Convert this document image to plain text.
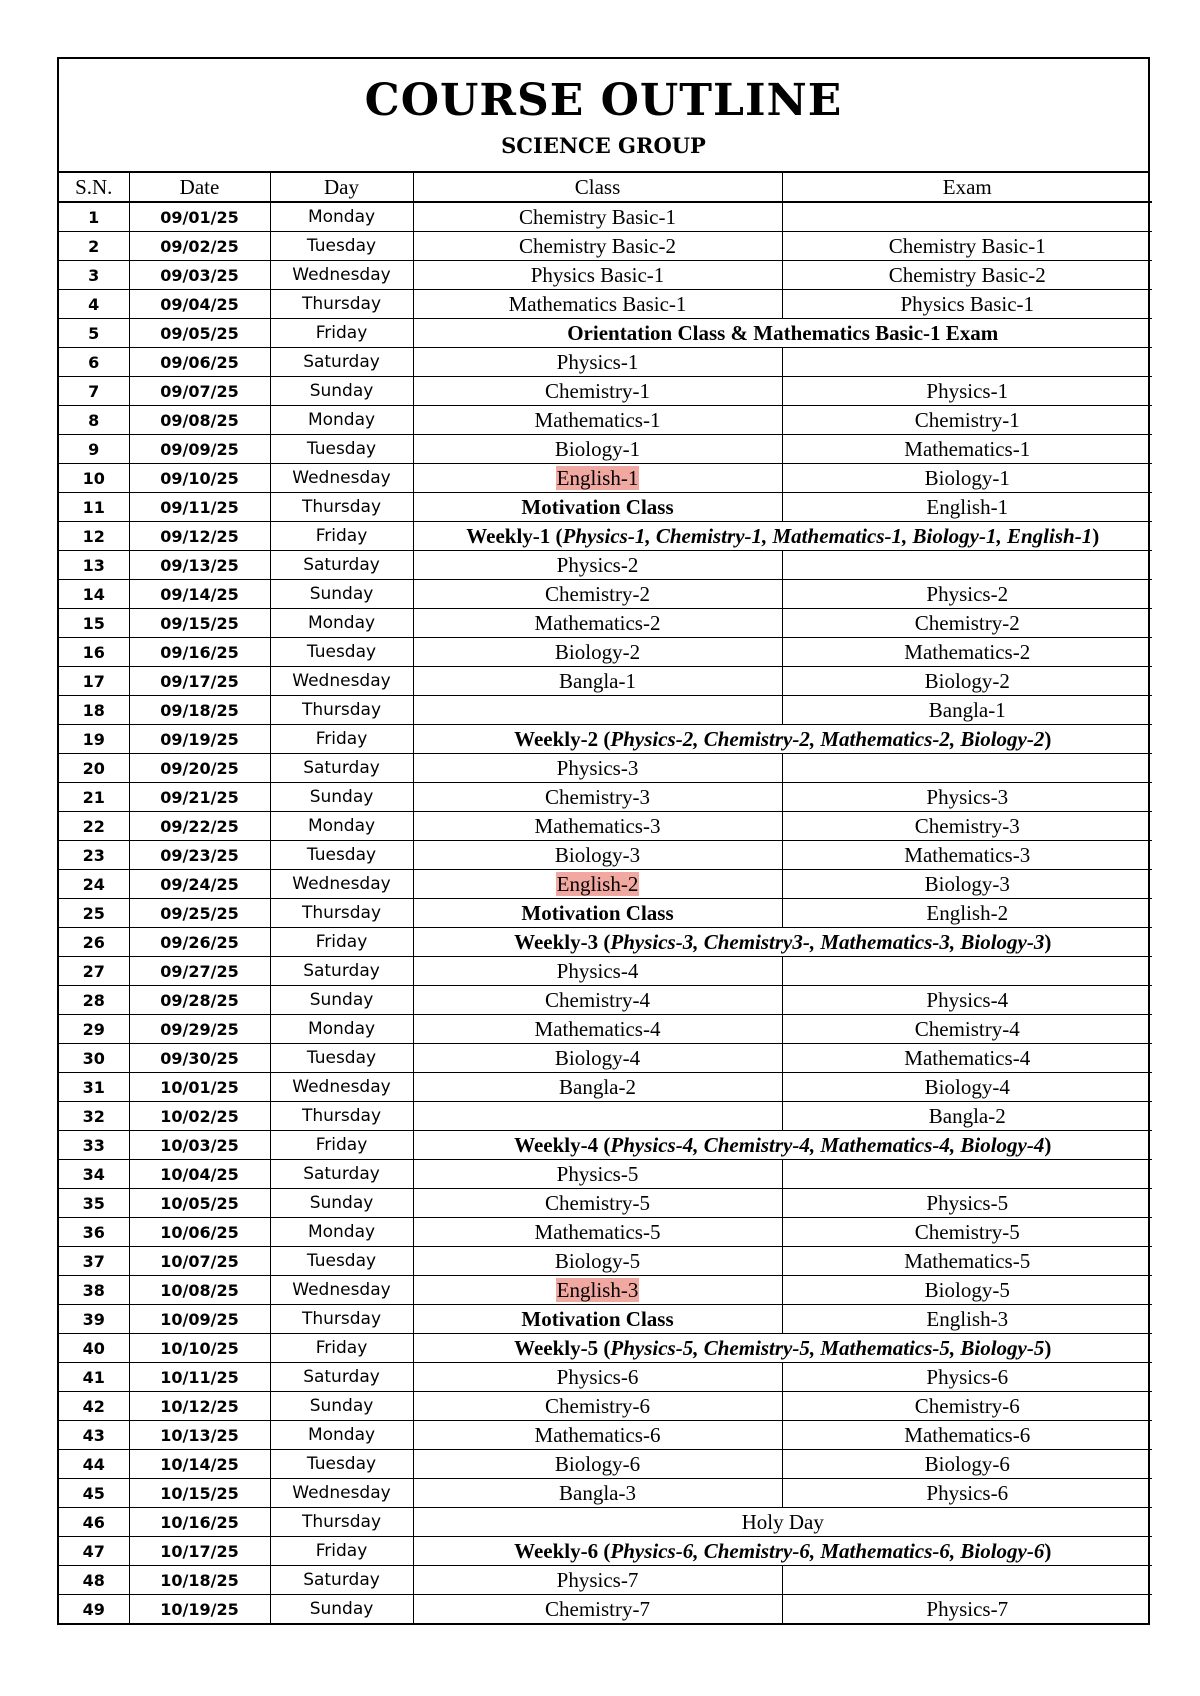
COURSE OUTLINE
SCIENCE GROUP
S.N.	Date	Day	Class	Exam
1	09/01/25	Monday	Chemistry Basic-1	
2	09/02/25	Tuesday	Chemistry Basic-2	Chemistry Basic-1
3	09/03/25	Wednesday	Physics Basic-1	Chemistry Basic-2
4	09/04/25	Thursday	Mathematics Basic-1	Physics Basic-1
5	09/05/25	Friday	Orientation Class & Mathematics Basic-1 Exam	
6	09/06/25	Saturday	Physics-1	
7	09/07/25	Sunday	Chemistry-1	Physics-1
8	09/08/25	Monday	Mathematics-1	Chemistry-1
9	09/09/25	Tuesday	Biology-1	Mathematics-1
10	09/10/25	Wednesday	English-1	Biology-1
11	09/11/25	Thursday	Motivation Class	English-1
12	09/12/25	Friday	Weekly-1 (Physics-1, Chemistry-1, Mathematics-1, Biology-1, English-1)	
13	09/13/25	Saturday	Physics-2	
14	09/14/25	Sunday	Chemistry-2	Physics-2
15	09/15/25	Monday	Mathematics-2	Chemistry-2
16	09/16/25	Tuesday	Biology-2	Mathematics-2
17	09/17/25	Wednesday	Bangla-1	Biology-2
18	09/18/25	Thursday		Bangla-1
19	09/19/25	Friday	Weekly-2 (Physics-2, Chemistry-2, Mathematics-2, Biology-2)	
20	09/20/25	Saturday	Physics-3	
21	09/21/25	Sunday	Chemistry-3	Physics-3
22	09/22/25	Monday	Mathematics-3	Chemistry-3
23	09/23/25	Tuesday	Biology-3	Mathematics-3
24	09/24/25	Wednesday	English-2	Biology-3
25	09/25/25	Thursday	Motivation Class	English-2
26	09/26/25	Friday	Weekly-3 (Physics-3, Chemistry3-, Mathematics-3, Biology-3)	
27	09/27/25	Saturday	Physics-4	
28	09/28/25	Sunday	Chemistry-4	Physics-4
29	09/29/25	Monday	Mathematics-4	Chemistry-4
30	09/30/25	Tuesday	Biology-4	Mathematics-4
31	10/01/25	Wednesday	Bangla-2	Biology-4
32	10/02/25	Thursday		Bangla-2
33	10/03/25	Friday	Weekly-4 (Physics-4, Chemistry-4, Mathematics-4, Biology-4)	
34	10/04/25	Saturday	Physics-5	
35	10/05/25	Sunday	Chemistry-5	Physics-5
36	10/06/25	Monday	Mathematics-5	Chemistry-5
37	10/07/25	Tuesday	Biology-5	Mathematics-5
38	10/08/25	Wednesday	English-3	Biology-5
39	10/09/25	Thursday	Motivation Class	English-3
40	10/10/25	Friday	Weekly-5 (Physics-5, Chemistry-5, Mathematics-5, Biology-5)	
41	10/11/25	Saturday	Physics-6	Physics-6
42	10/12/25	Sunday	Chemistry-6	Chemistry-6
43	10/13/25	Monday	Mathematics-6	Mathematics-6
44	10/14/25	Tuesday	Biology-6	Biology-6
45	10/15/25	Wednesday	Bangla-3	Physics-6
46	10/16/25	Thursday	Holy Day	
47	10/17/25	Friday	Weekly-6 (Physics-6, Chemistry-6, Mathematics-6, Biology-6)	
48	10/18/25	Saturday	Physics-7	
49	10/19/25	Sunday	Chemistry-7	Physics-7
